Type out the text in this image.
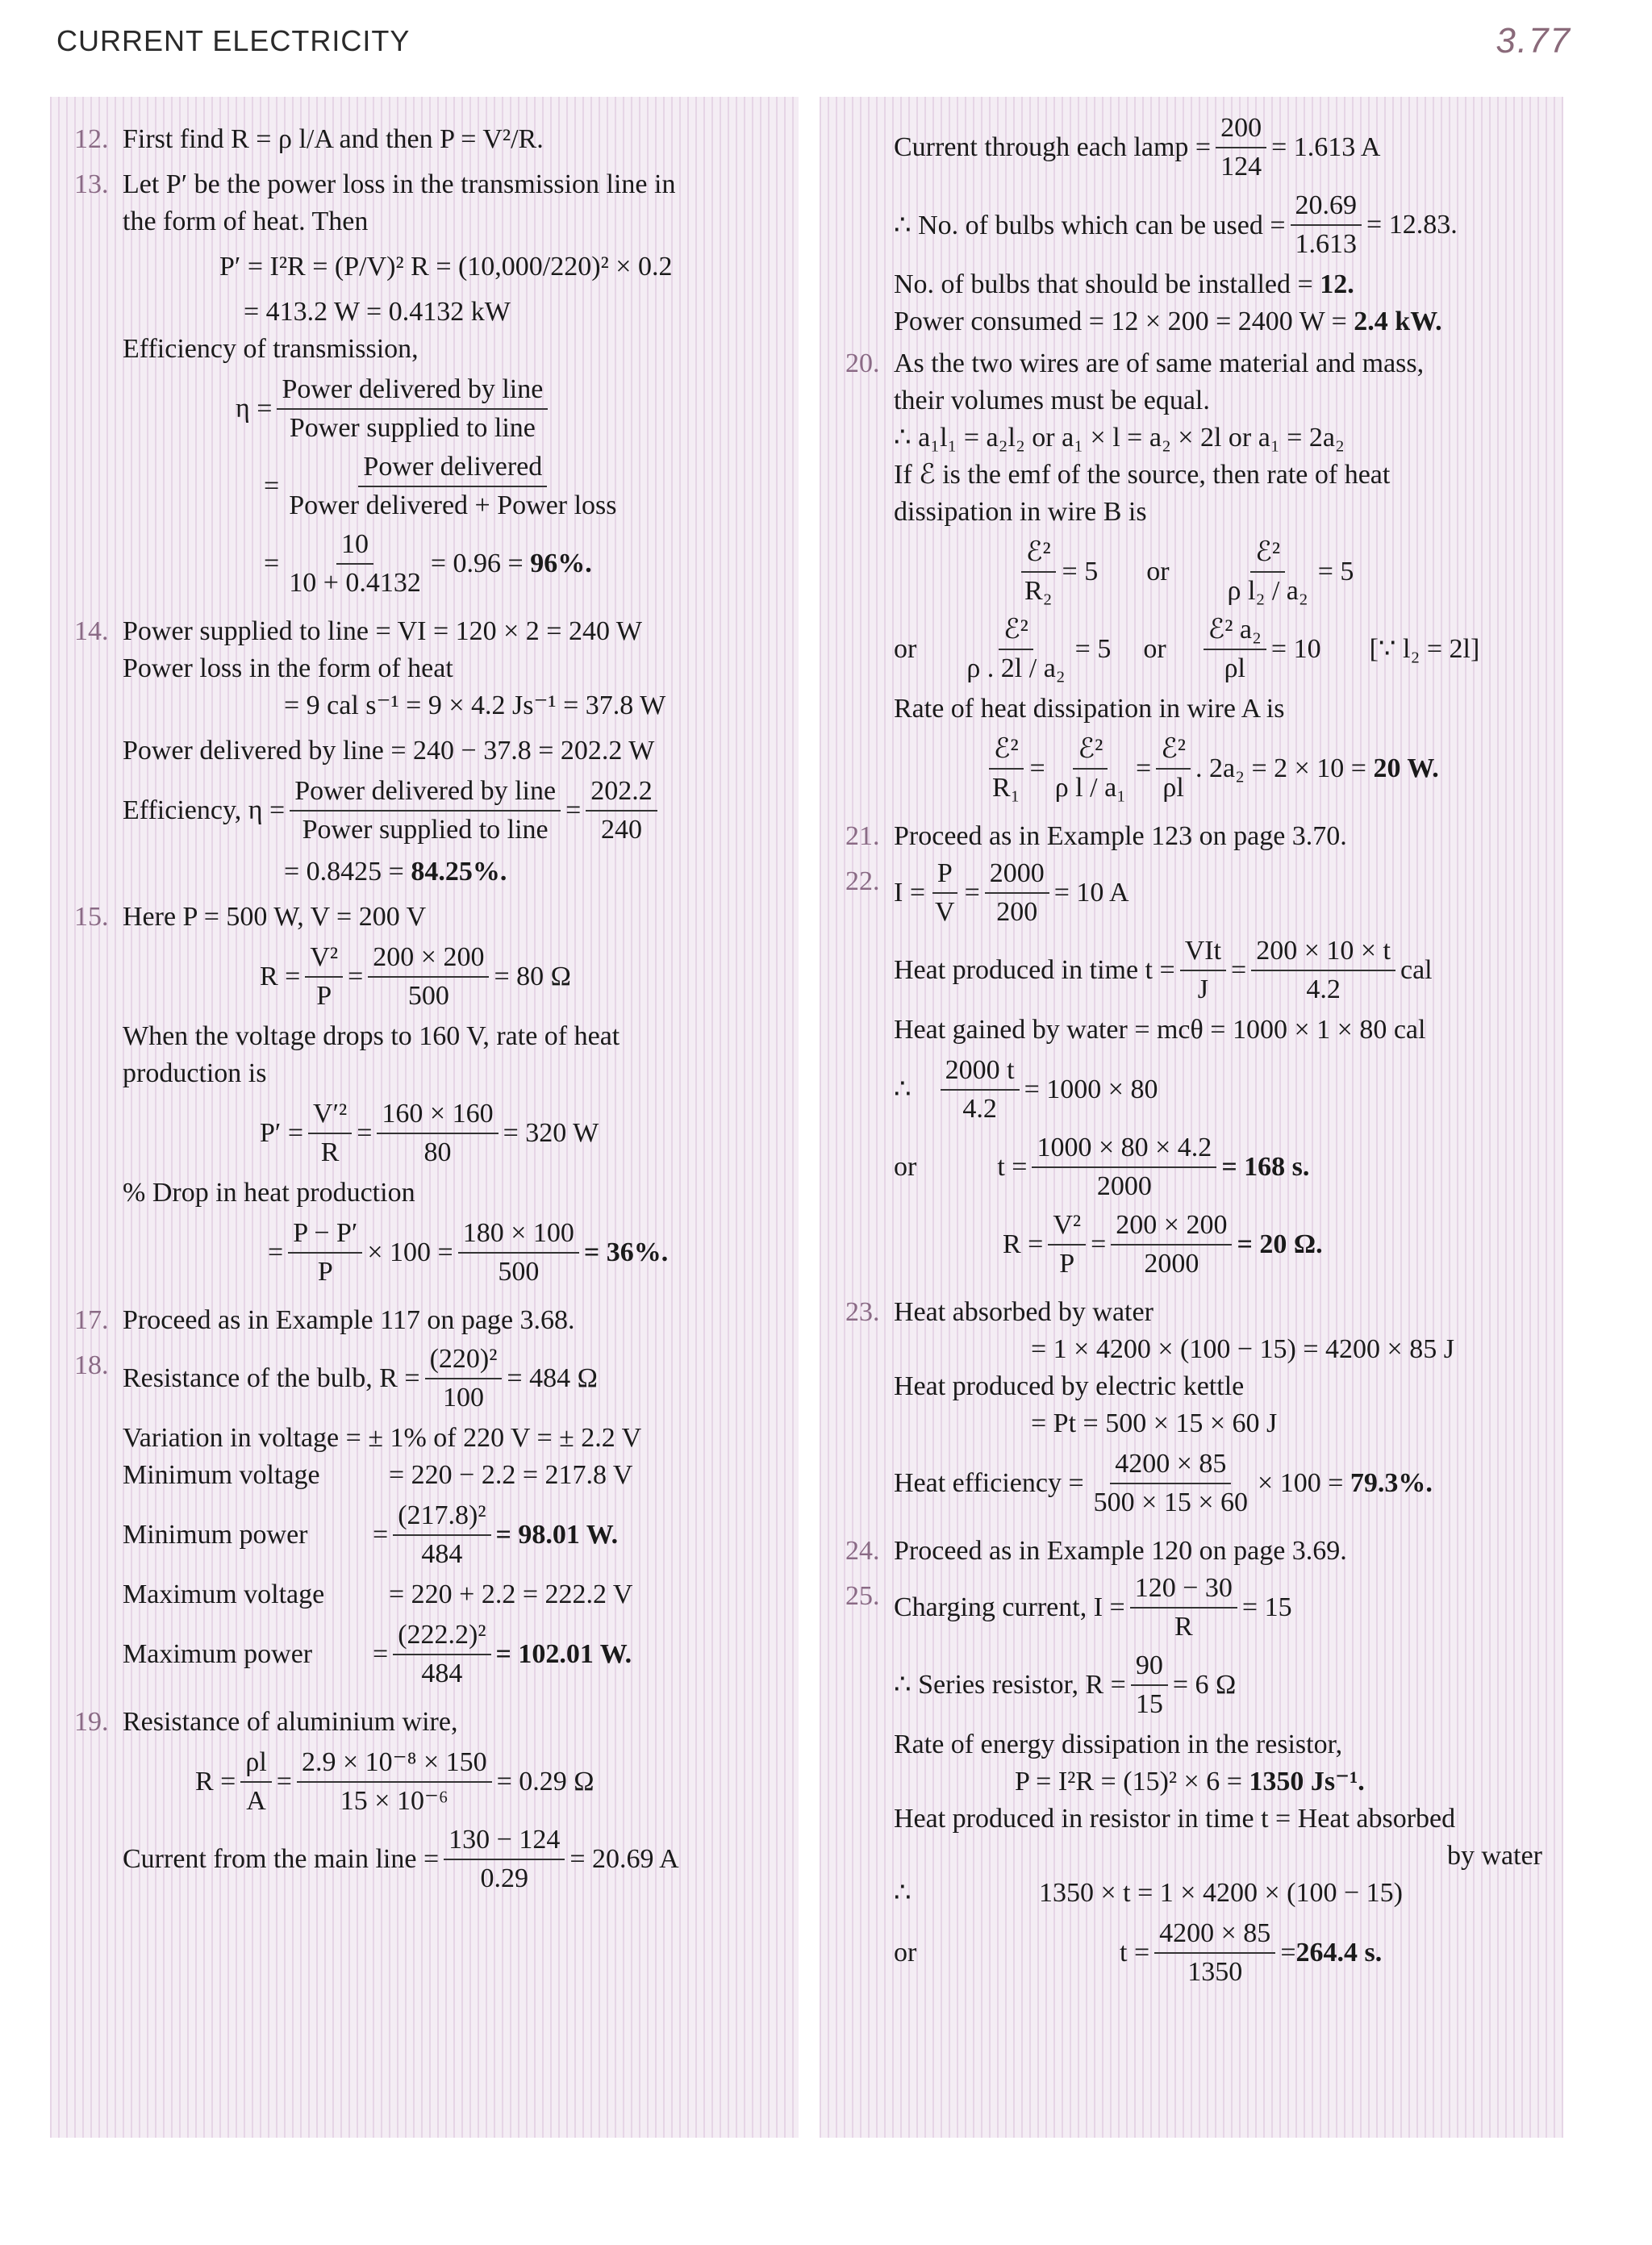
CURRENT ELECTRICITY	3.77
12. First find R = ρ l/A and then P = V²/R.
13. Let P′ be the power loss in the transmission line in
the form of heat. Then
P′ = I²R = (P/V)² R = (10,000/220)² × 0.2
= 413.2 W = 0.4132 kW
Efficiency of transmission,
$\eta = \frac{\text{Power delivered by line}}{\text{Power supplied to line}}$
= $\frac{\text{Power delivered}}{\text{Power delivered + Power loss}}$
= $\frac{10}{10 + 0.4132} = 0.96$ =
96%.
14. Power supplied to line = VI = 120 × 2 = 240 W
Power loss in the form of heat
= 9 cal s⁻¹ = 9 × 4.2 Js⁻¹ = 37.8 W
Power delivered by line = 240 − 37.8 = 202.2 W
Efficiency, $\eta = \frac{\text{Power delivered by line}}{\text{Power supplied to line}} = \frac{202.2}{240}$
= 0.8425 = 84.25%.
15. Here P = 500 W, V = 200 V
$R = \frac{\text{V²}}{P} = \frac{200 \times 200}{500} = 80$ Ω
When the voltage drops to 160 V, rate of heat
production is
$P' = \frac{\text{V′²}}{R} = \frac{160 \times 160}{80} = 320$ W
% Drop in heat production
= $\frac{P - P'}{P} \times 100 = \frac{180 \times 100}{500} = 36\%$.
17. Proceed as in Example 117 on page 3.68.
18. Resistance of the bulb, $R = \frac{\text{(220)²}}{100} = 484$ Ω
Variation in voltage = ± 1% of 220 V = ± 2.2 V
Minimum voltage	= 220 − 2.2 = 217.8 V
Minimum power	= $\frac{\text{(217.8)²}}{484} = 98.01$ W.
Maximum voltage = 220 + 2.2 = 222.2 V
Maximum power	= $\frac{\text{(222.2)²}}{484} = 102.01$ W.
19. Resistance of aluminium wire,
$R = \frac{\rho l}{A} = \frac{\text{2.9 × 10⁻⁸ × 150}}{\text{15 × 10⁻⁶}} = 0.29$ Ω
Current from the main line = $\frac{130 - 124}{0.29} = 20.69$ A
Current through each lamp = $\frac{200}{124} = 1.613$ A
∴ No. of bulbs which can be used = $\frac{20.69}{1.613} = 12.83$.
No. of bulbs that should be installed = 12.
Power consumed = 12 × 200 = 2400 W = 2.4 kW.
20. As the two wires are of same material and mass,
their volumes must be equal.
∴ a₁l₁ = a₂l₂ or a₁ × l = a₂ × 2l or a₁ = 2a₂
If ℰ is the emf of the source, then rate of heat
dissipation in wire B is
$\frac{\text{ℰ²}}{\text{R₂}} = 5$ or $\frac{\text{ℰ²}}{\text{ρ l₂ / a₂}} = 5$
or $\frac{\text{ℰ²}}{\text{ρ . 2l / a₂}} = 5$ or $\frac{\text{ℰ² a₂}}{\rho l} = 10$ [∵ l₂ = 2l]
Rate of heat dissipation in wire A is
$\frac{\text{ℰ²}}{\text{R₁}} = \frac{\text{ℰ²}}{\text{ρ l / a₁}} = \frac{\text{ℰ²}}{\rho l}$ . 2a₂ = 2 × 10 =
20 W.
21. Proceed as in Example 123 on page 3.70.
22. $I = \frac{P}{V} = \frac{2000}{200} = 10$ A
Heat produced in time $t = \frac{\text{VIt}}{J} = \frac{200 \times 10 \times t}{4.2}$ cal
Heat gained by water = mcθ = 1000 × 1 × 80 cal
∴ $\frac{2000 t}{4.2} = 1000 \times 80$
or	$t = \frac{1000 \times 80 \times 4.2}{2000} = 168$ s.
$R = \frac{\text{V²}}{P} = \frac{200 \times 200}{2000} = 20$ Ω.
23. Heat absorbed by water
= 1 × 4200 × (100 − 15) = 4200 × 85 J
Heat produced by electric kettle
= Pt = 500 × 15 × 60 J
Heat efficiency = $\frac{4200 \times 85}{500 \times 15 \times 60} \times 100$ =
79.3%.
24. Proceed as in Example 120 on page 3.69.
25. Charging current, $I = \frac{120 - 30}{R} = 15$
∴ Series resistor, $R = \frac{90}{15} = 6$ Ω
Rate of energy dissipation in the resistor,
P = I²R = (15)² × 6 = 1350 Js⁻¹.
Heat produced in resistor in time t = Heat absorbed
by water
∴	1350 × t = 1 × 4200 × (100 − 15)
or	$t = \frac{4200 \times 85}{1350} = 264.4$ s.
